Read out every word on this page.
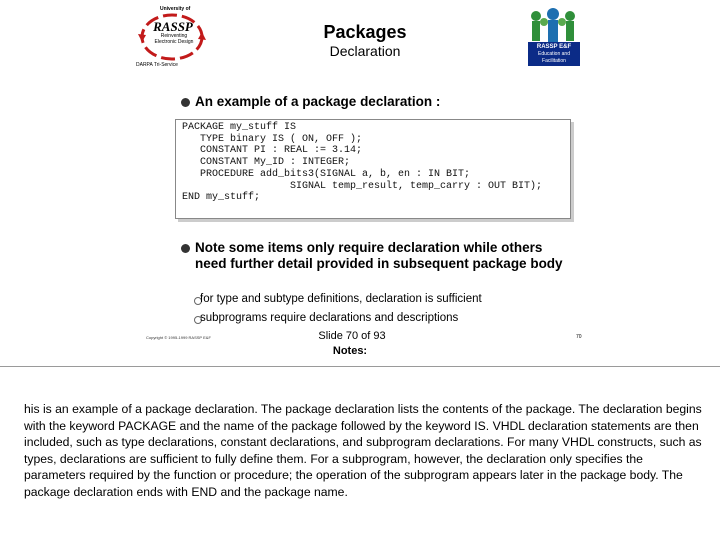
University of
RASSP
Reinventing Electronic Design
DARPA Tri-Service
Packages
Declaration	RASSP E&F
Education and Facilitation
An example of a package declaration :
PACKAGE my_stuff IS
TYPE binary IS ( ON, OFF );
CONSTANT PI : REAL := 3.14;
CONSTANT My_ID : INTEGER;
PROCEDURE add_bits3(SIGNAL a, b, en : IN BIT;
SIGNAL temp_result, temp_carry : OUT BIT);
END my_stuff;
Note some items only require declaration while others need further detail provided in subsequent package body
for type and subtype definitions, declaration is sufficient
subprograms require declarations and descriptions
Copyright © 1995-1999 RASSP E&F	70
Slide 70 of 93
Notes:
his is an example of a package declaration. The package declaration lists the contents of the package. The declaration begins with the keyword PACKAGE and the name of the package followed by the keyword IS. VHDL declaration statements are then included, such as type declarations, constant declarations, and subprogram declarations. For many VHDL constructs, such as types, declarations are sufficient to fully define them. For a subprogram, however, the declaration only specifies the parameters required by the function or procedure; the operation of the subprogram appears later in the package body. The package declaration ends with END and the package name.
